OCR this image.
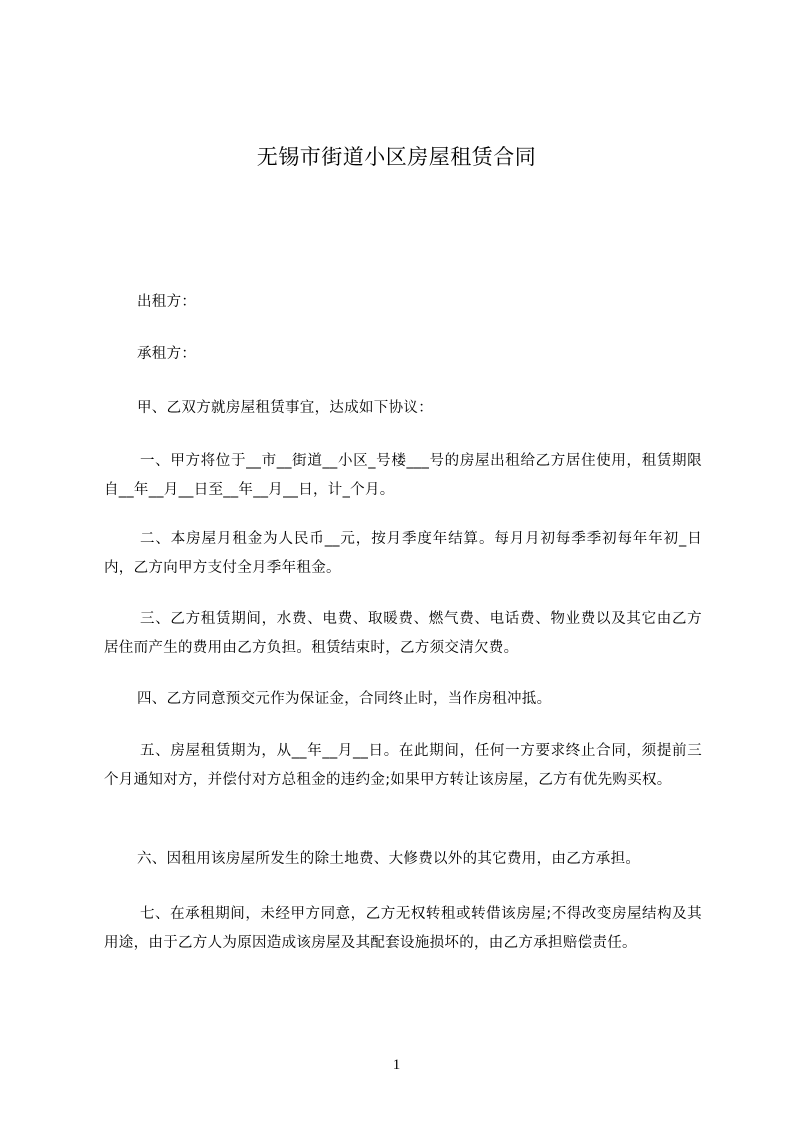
无锡市街道小区房屋租赁合同
出租方：
承租方：
甲、乙双方就房屋租赁事宜，达成如下协议：
一、甲方将位于__市__街道__小区_号楼___号的房屋出租给乙方居住使用，租赁期限自__年__月__日至__年__月__日，计_个月。
二、本房屋月租金为人民币__元，按月季度年结算。每月月初每季季初每年年初_日内，乙方向甲方支付全月季年租金。
三、乙方租赁期间，水费、电费、取暖费、燃气费、电话费、物业费以及其它由乙方居住而产生的费用由乙方负担。租赁结束时，乙方须交清欠费。
四、乙方同意预交元作为保证金，合同终止时，当作房租冲抵。
五、房屋租赁期为，从__年__月__日。在此期间，任何一方要求终止合同，须提前三个月通知对方，并偿付对方总租金的违约金;如果甲方转让该房屋，乙方有优先购买权。
六、因租用该房屋所发生的除土地费、大修费以外的其它费用，由乙方承担。
七、在承租期间，未经甲方同意，乙方无权转租或转借该房屋;不得改变房屋结构及其用途，由于乙方人为原因造成该房屋及其配套设施损坏的，由乙方承担赔偿责任。
1
